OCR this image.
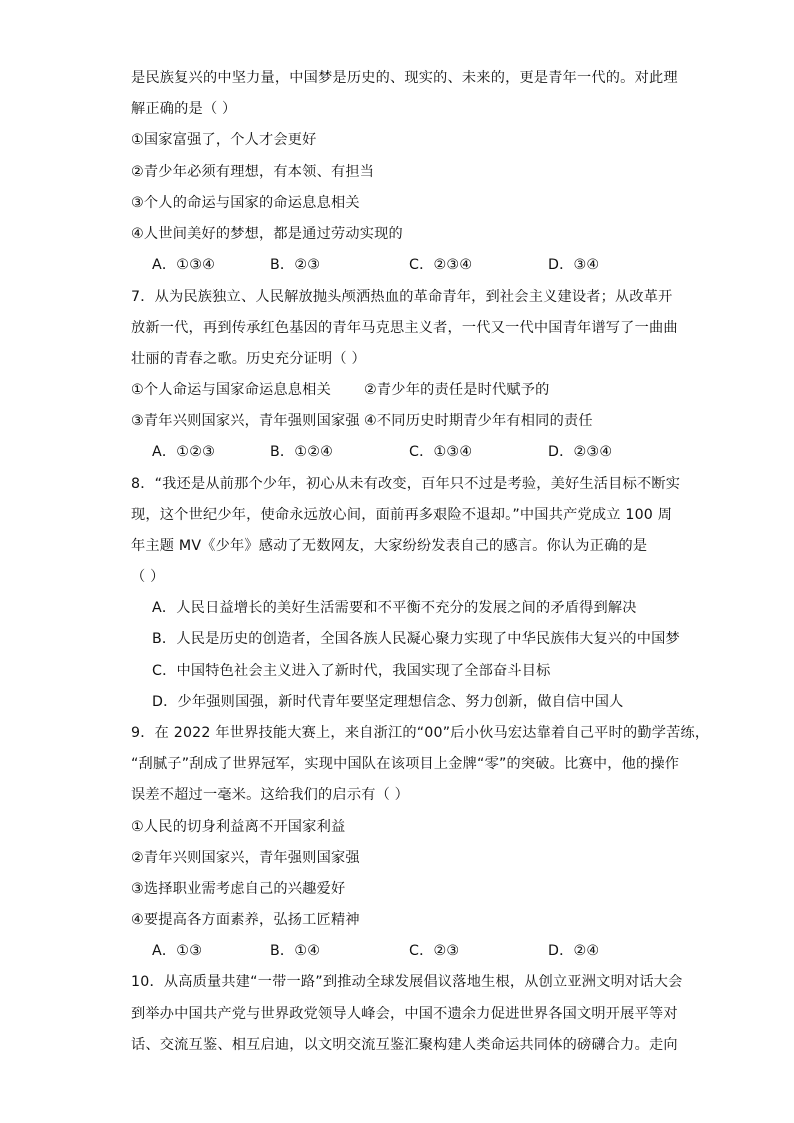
是民族复兴的中坚力量，中国梦是历史的、现实的、未来的，更是青年一代的。对此理
解正确的是（ ）
①国家富强了，个人才会更好
②青少年必须有理想，有本领、有担当
③个人的命运与国家的命运息息相关
④人世间美好的梦想，都是通过劳动实现的
A．①③④	B．②③	C．②③④	D．③④
7．从为民族独立、人民解放抛头颅洒热血的革命青年，到社会主义建设者；从改革开
放新一代，再到传承红色基因的青年马克思主义者，一代又一代中国青年谱写了一曲曲
壮丽的青春之歌。历史充分证明（ ）
①个人命运与国家命运息息相关 ②青少年的责任是时代赋予的
③青年兴则国家兴，青年强则国家强 ④不同历史时期青少年有相同的责任
A．①②③	B．①②④	C．①③④	D．②③④
8．“我还是从前那个少年，初心从未有改变，百年只不过是考验，美好生活目标不断实
现，这个世纪少年，使命永远放心间，面前再多艰险不退却。”中国共产党成立 100 周
年主题 MV《少年》感动了无数网友，大家纷纷发表自己的感言。你认为正确的是
（ ）
A．人民日益增长的美好生活需要和不平衡不充分的发展之间的矛盾得到解决
B．人民是历史的创造者，全国各族人民凝心聚力实现了中华民族伟大复兴的中国梦
C．中国特色社会主义进入了新时代，我国实现了全部奋斗目标
D．少年强则国强，新时代青年要坚定理想信念、努力创新，做自信中国人
9．在 2022 年世界技能大赛上，来自浙江的“00”后小伙马宏达靠着自己平时的勤学苦练，
“刮腻子”刮成了世界冠军，实现中国队在该项目上金牌“零”的突破。比赛中，他的操作
误差不超过一毫米。这给我们的启示有（ ）
①人民的切身利益离不开国家利益
②青年兴则国家兴，青年强则国家强
③选择职业需考虑自己的兴趣爱好
④要提高各方面素养，弘扬工匠精神
A．①③	B．①④	C．②③	D．②④
10．从高质量共建“一带一路”到推动全球发展倡议落地生根，从创立亚洲文明对话大会
到举办中国共产党与世界政党领导人峰会，中国不遗余力促进世界各国文明开展平等对
话、交流互鉴、相互启迪，以文明交流互鉴汇聚构建人类命运共同体的磅礴合力。走向
